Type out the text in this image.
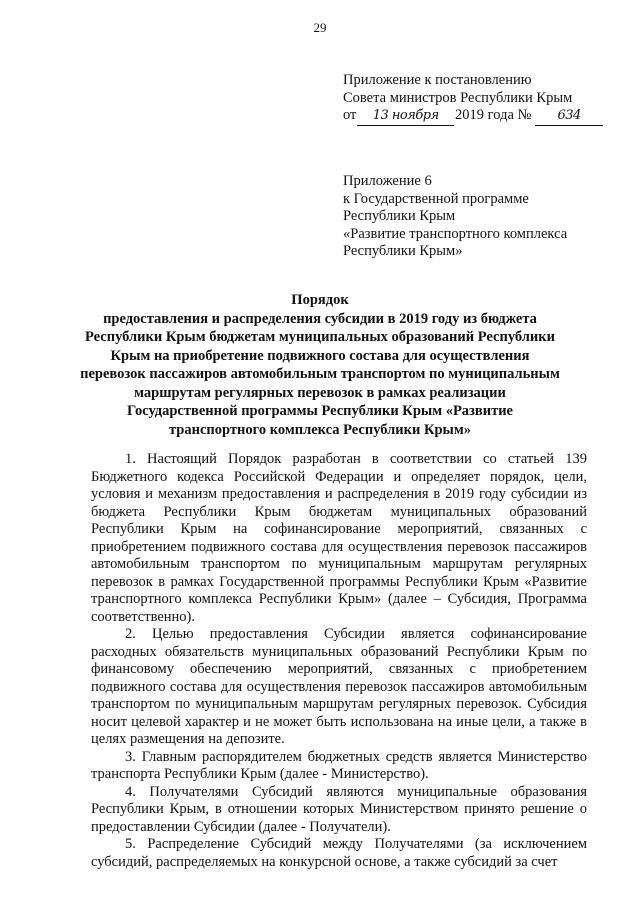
29
Приложение к постановлению
Совета министров Республики Крым
от	13 ноября	2019 года №	634
Приложение 6
к Государственной программе
Республики Крым
«Развитие транспортного комплекса
Республики Крым»
Порядок
предоставления и распределения субсидии в 2019 году из бюджета
Республики Крым бюджетам муниципальных образований Республики
Крым на приобретение подвижного состава для осуществления
перевозок пассажиров автомобильным транспортом по муниципальным
маршрутам регулярных перевозок в рамках реализации
Государственной программы Республики Крым «Развитие
транспортного комплекса Республики Крым»

1. Настоящий Порядок разработан в соответствии со статьей 139 Бюджетного кодекса Российской Федерации и определяет порядок, цели, условия и механизм предоставления и распределения в 2019 году субсидии из бюджета Республики Крым бюджетам муниципальных образований Республики Крым на софинансирование мероприятий, связанных с приобретением подвижного состава для осуществления перевозок пассажиров автомобильным транспортом по муниципальным маршрутам регулярных перевозок в рамках Государственной программы Республики Крым «Развитие транспортного комплекса Республики Крым» (далее – Субсидия, Программа соответственно).

2. Целью предоставления Субсидии является софинансирование расходных обязательств муниципальных образований Республики Крым по финансовому обеспечению мероприятий, связанных с приобретением подвижного состава для осуществления перевозок пассажиров автомобильным транспортом по муниципальным маршрутам регулярных перевозок. Субсидия носит целевой характер и не может быть использована на иные цели, а также в целях размещения на депозите.

3. Главным распорядителем бюджетных средств является Министерство транспорта Республики Крым (далее - Министерство).

4. Получателями Субсидий являются муниципальные образования Республики Крым, в отношении которых Министерством принято решение о предоставлении Субсидии (далее - Получатели).

5. Распределение Субсидий между Получателями (за исключением субсидий, распределяемых на конкурсной основе, а также субсидий за счет
